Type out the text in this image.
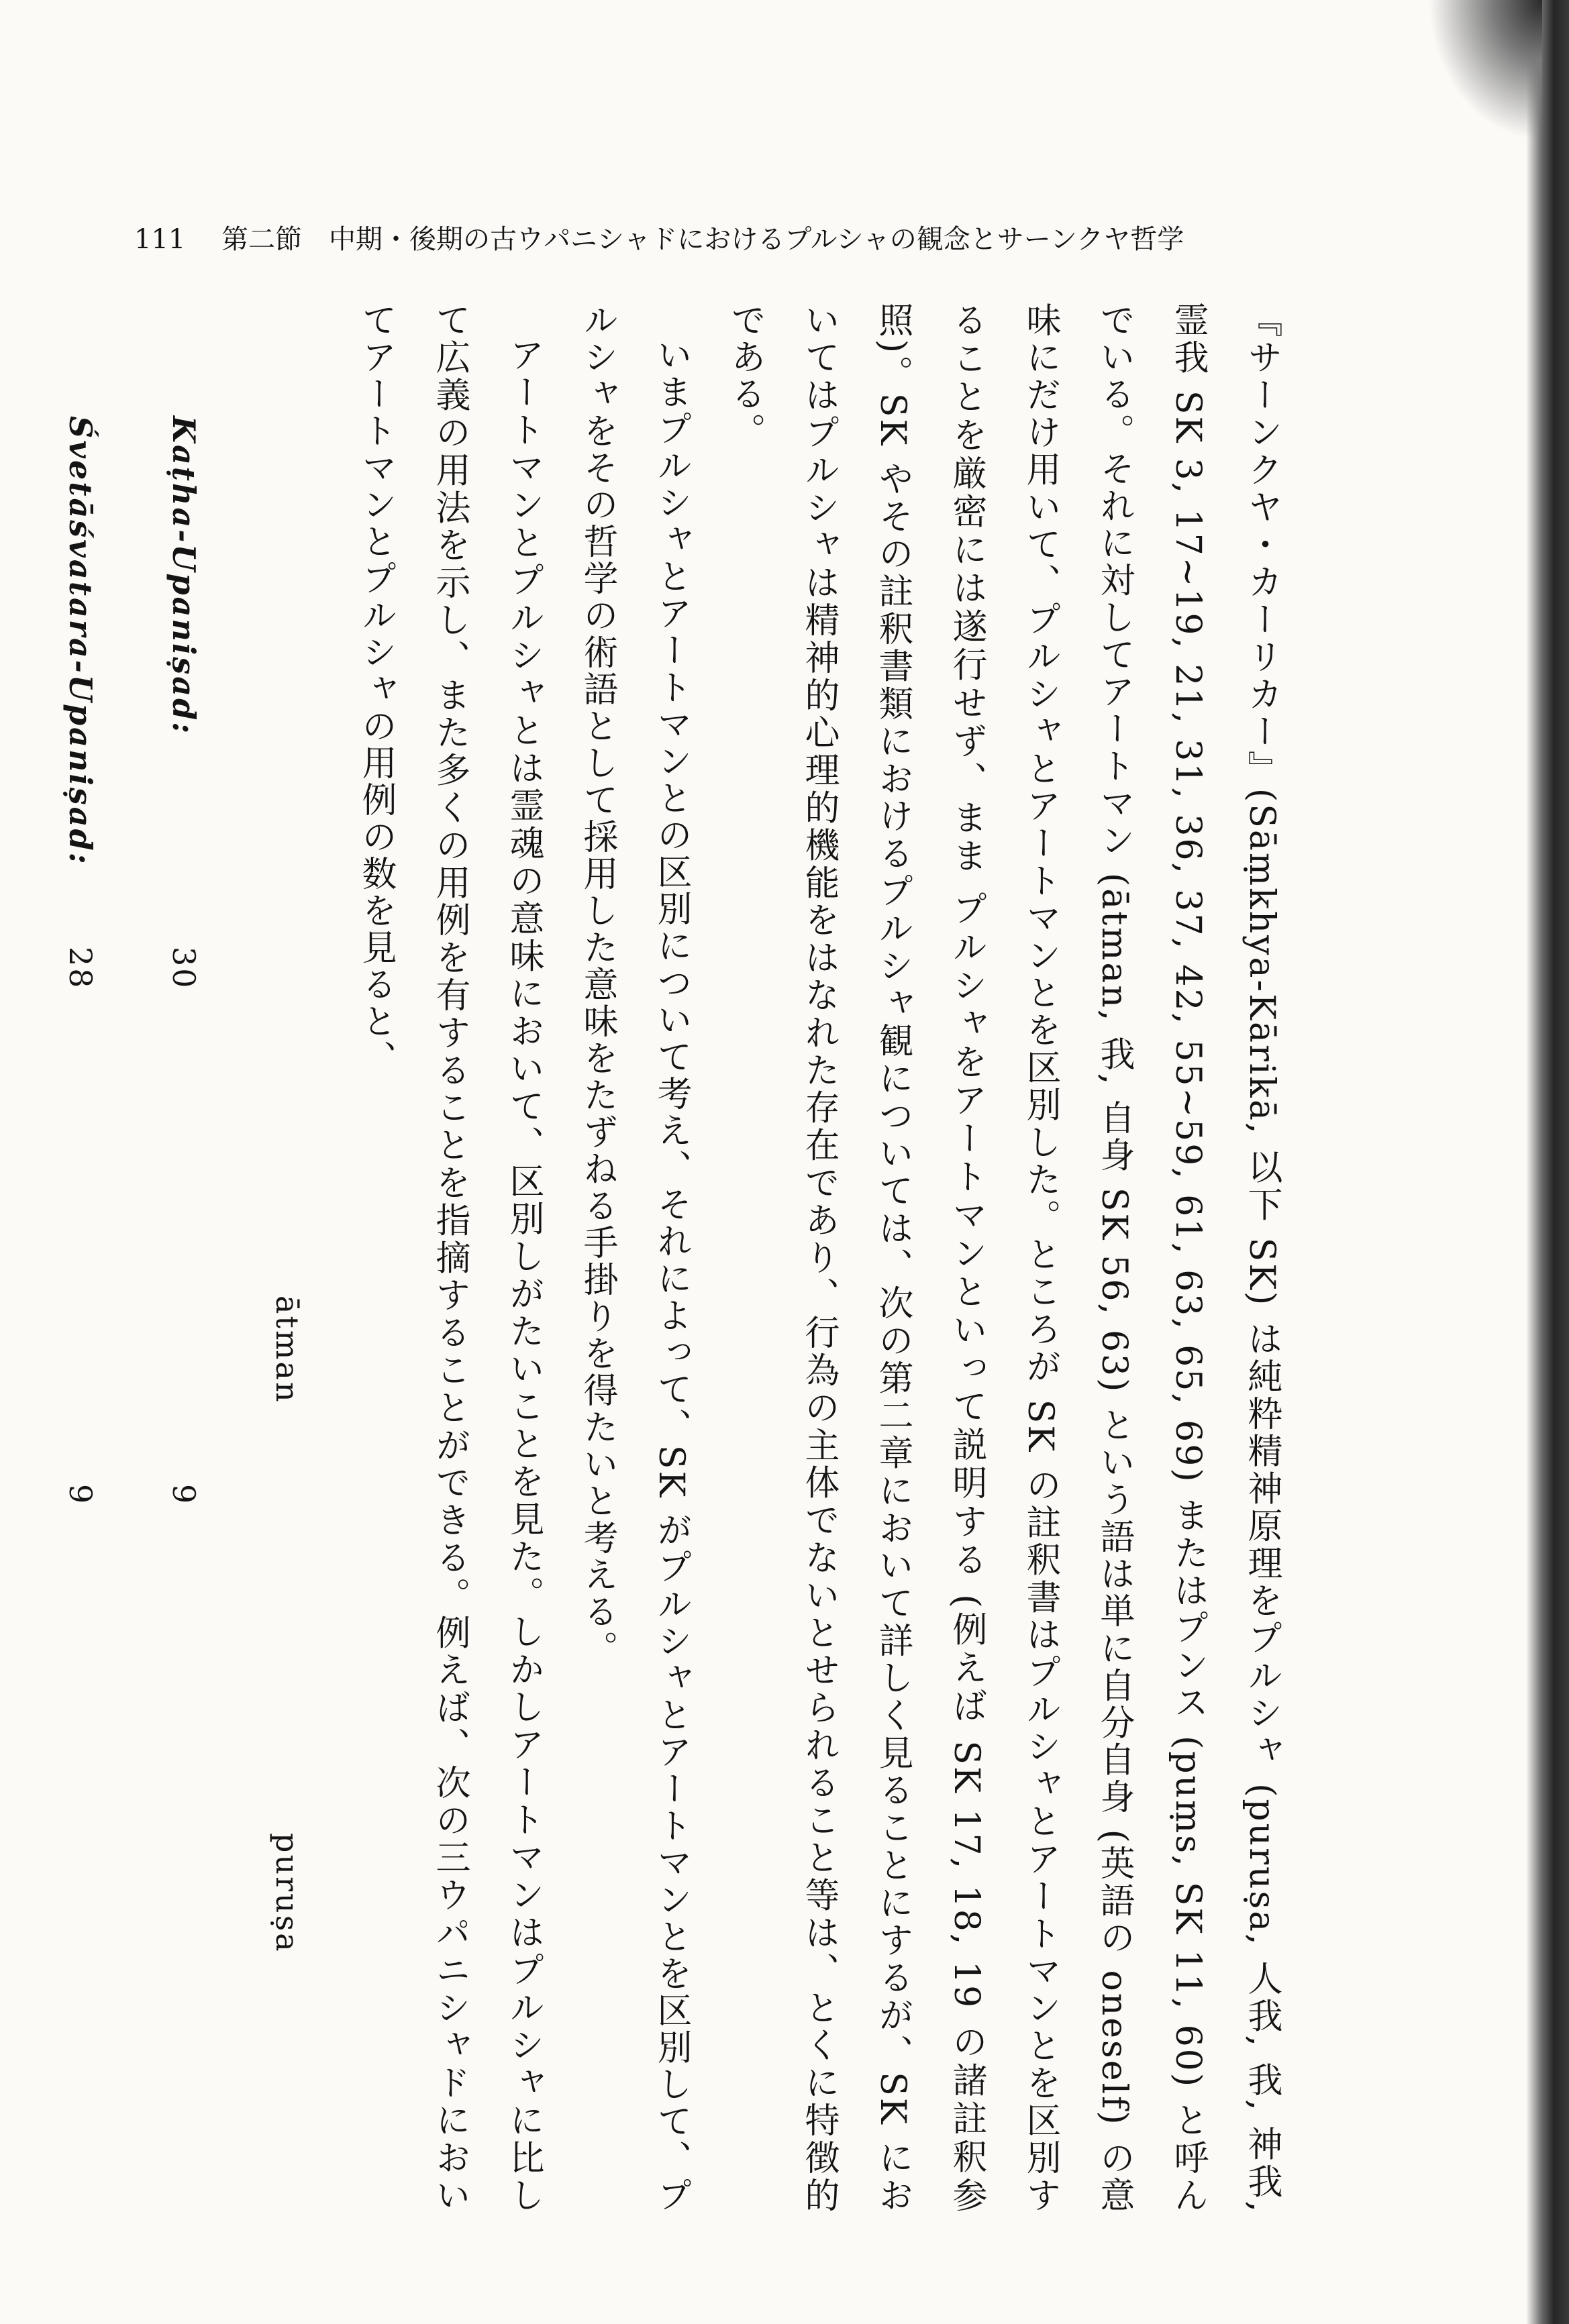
111 第二節　中期・後期の古ウパニシャドにおけるプルシャの観念とサーンクヤ哲学

『サーンクヤ・カーリカー』(Sāṃkhya-Kārikā, 以下 SK) は純粋精神原理をプルシャ (puruṣa, 人我, 我, 神我, 霊我 SK 3, 17~19, 21, 31, 36, 37, 42, 55~59, 61, 63, 65, 69) またはプンス (puṃs, SK 11, 60) と呼んでいる。それに対してアートマン (ātman, 我, 自身 SK 56, 63) という語は単に自分自身 (英語の oneself) の意味にだけ用いて、プルシャとアートマンとを区別した。ところが SK の註釈書はプルシャとアートマンとを区別することを厳密には遂行せず、まま プルシャをアートマンといって説明する (例えば SK 17, 18, 19 の諸註釈参照)。SK やその註釈書類におけるプルシャ観については、次の第二章において詳しく見ることにするが、SK においてはプルシャは精神的心理的機能をはなれた存在であり、行為の主体でないとせられること等は、とくに特徴的である。

いまプルシャとアートマンとの区別について考え、それによって、SK がプルシャとアートマンとを区別して、プルシャをその哲学の術語として採用した意味をたずねる手掛りを得たいと考える。

アートマンとプルシャとは霊魂の意味において、区別しがたいことを見た。しかしアートマンはプルシャに比して広義の用法を示し、また多くの用例を有することを指摘することができる。例えば、次の三ウパニシャドにおいてアートマンとプルシャの用例の数を見ると、

	ātman	puruṣa
Kaṭha-Upaniṣad:	30	9
Śvetāśvatara-Upaniṣad:	28	9
